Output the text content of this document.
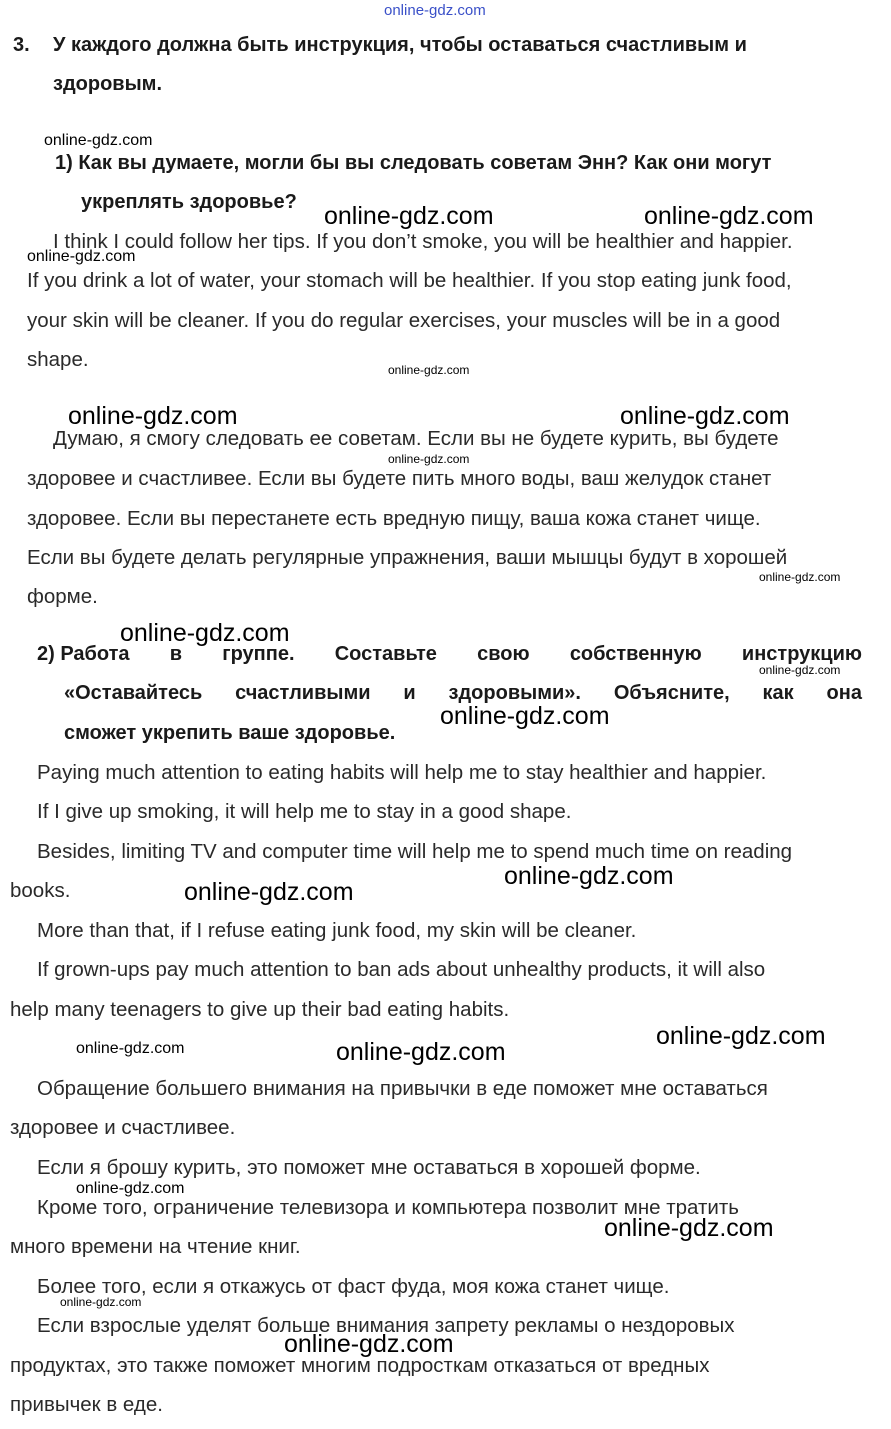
online-gdz.com
3. У каждого должна быть инструкция, чтобы оставаться счастливым и
здоровым.
1) Как вы думаете, могли бы вы следовать советам Энн? Как они могут
укреплять здоровье?
I think I could follow her tips. If you don’t smoke, you will be healthier and happier.
If you drink a lot of water, your stomach will be healthier. If you stop eating junk food,
your skin will be cleaner. If you do regular exercises, your muscles will be in a good
shape.
Думаю, я смогу следовать ее советам. Если вы не будете курить, вы будете
здоровее и счастливее. Если вы будете пить много воды, ваш желудок станет
здоровее. Если вы перестанете есть вредную пищу, ваша кожа станет чище.
Если вы будете делать регулярные упражнения, ваши мышцы будут в хорошей
форме.
2) Работа в группе. Составьте свою собственную инструкцию
«Оставайтесь счастливыми и здоровыми». Объясните, как она
сможет укрепить ваше здоровье.
Paying much attention to eating habits will help me to stay healthier and happier.
If I give up smoking, it will help me to stay in a good shape.
Besides, limiting TV and computer time will help me to spend much time on reading
books.
More than that, if I refuse eating junk food, my skin will be cleaner.
If grown-ups pay much attention to ban ads about unhealthy products, it will also
help many teenagers to give up their bad eating habits.
Обращение большего внимания на привычки в еде поможет мне оставаться
здоровее и счастливее.
Если я брошу курить, это поможет мне оставаться в хорошей форме.
Кроме того, ограничение телевизора и компьютера позволит мне тратить
много времени на чтение книг.
Более того, если я откажусь от фаст фуда, моя кожа станет чище.
Если взрослые уделят больше внимания запрету рекламы о нездоровых
продуктах, это также поможет многим подросткам отказаться от вредных
привычек в еде.
online-gdz.com
online-gdz.com	online-gdz.com
online-gdz.com
online-gdz.com
online-gdz.com	online-gdz.com
online-gdz.com
online-gdz.com
online-gdz.com
online-gdz.com
online-gdz.com
online-gdz.com
online-gdz.com
online-gdz.com
online-gdz.com	online-gdz.com
online-gdz.com
online-gdz.com
online-gdz.com
online-gdz.com
